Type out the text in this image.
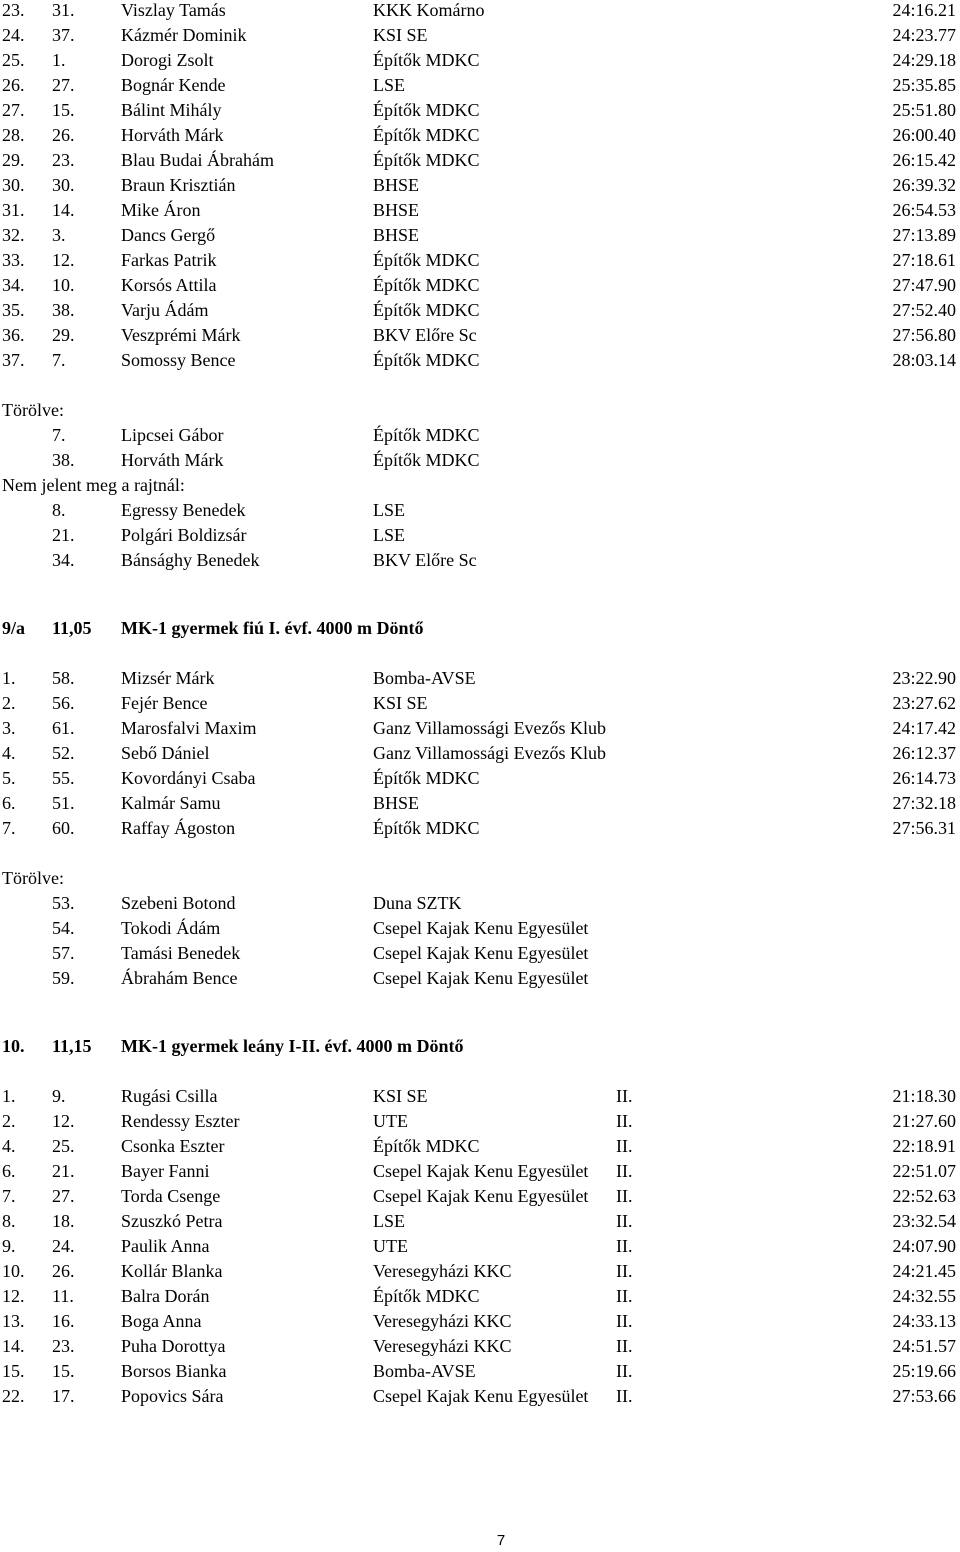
23. 31.	Viszlay Tamás	KKK Komárno	24:16.21
24. 37.	Kázmér Dominik	KSI SE	24:23.77
25. 1.	Dorogi Zsolt	Építők MDKC	24:29.18
26. 27.	Bognár Kende	LSE	25:35.85
27. 15.	Bálint Mihály	Építők MDKC	25:51.80
28. 26.	Horváth Márk	Építők MDKC	26:00.40
29. 23.	Blau Budai Ábrahám	Építők MDKC	26:15.42
30. 30.	Braun Krisztián	BHSE	26:39.32
31. 14.	Mike Áron	BHSE	26:54.53
32. 3.	Dancs Gergő	BHSE	27:13.89
33. 12.	Farkas Patrik	Építők MDKC	27:18.61
34. 10.	Korsós Attila	Építők MDKC	27:47.90
35. 38.	Varju Ádám	Építők MDKC	27:52.40
36. 29.	Veszprémi Márk	BKV Előre Sc	27:56.80
37. 7.	Somossy Bence	Építők MDKC	28:03.14
Törölve:
7.	Lipcsei Gábor	Építők MDKC
38.	Horváth Márk	Építők MDKC
Nem jelent meg a rajtnál:
8.	Egressy Benedek	LSE
21.	Polgári Boldizsár	LSE
34.	Bánsághy Benedek	BKV Előre Sc
9/a 11,05 MK-1 gyermek fiú I. évf. 4000 m Döntő
1. 58.	Mizsér Márk	Bomba-AVSE	23:22.90
2. 56.	Fejér Bence	KSI SE	23:27.62
3. 61.	Marosfalvi Maxim	Ganz Villamossági Evezős Klub	24:17.42
4. 52.	Sebő Dániel	Ganz Villamossági Evezős Klub	26:12.37
5. 55.	Kovordányi Csaba	Építők MDKC	26:14.73
6. 51.	Kalmár Samu	BHSE	27:32.18
7. 60.	Raffay Ágoston	Építők MDKC	27:56.31
Törölve:
53.	Szebeni Botond	Duna SZTK
54.	Tokodi Ádám	Csepel Kajak Kenu Egyesület
57.	Tamási Benedek	Csepel Kajak Kenu Egyesület
59.	Ábrahám Bence	Csepel Kajak Kenu Egyesület
10. 11,15 MK-1 gyermek leány I-II. évf. 4000 m Döntő
1. 9.	Rugási Csilla	KSI SE	II.	21:18.30
2. 12.	Rendessy Eszter	UTE	II.	21:27.60
4. 25.	Csonka Eszter	Építők MDKC	II.	22:18.91
6. 21.	Bayer Fanni	Csepel Kajak Kenu Egyesület II.	22:51.07
7. 27.	Torda Csenge	Csepel Kajak Kenu Egyesület II.	22:52.63
8. 18.	Szuszkó Petra	LSE	II.	23:32.54
9. 24.	Paulik Anna	UTE	II.	24:07.90
10. 26.	Kollár Blanka	Veresegyházi KKC	II.	24:21.45
12. 11.	Balra Dorán	Építők MDKC	II.	24:32.55
13. 16.	Boga Anna	Veresegyházi KKC	II.	24:33.13
14. 23.	Puha Dorottya	Veresegyházi KKC	II.	24:51.57
15. 15.	Borsos Bianka	Bomba-AVSE	II.	25:19.66
22. 17.	Popovics Sára	Csepel Kajak Kenu Egyesület II.	27:53.66
7
